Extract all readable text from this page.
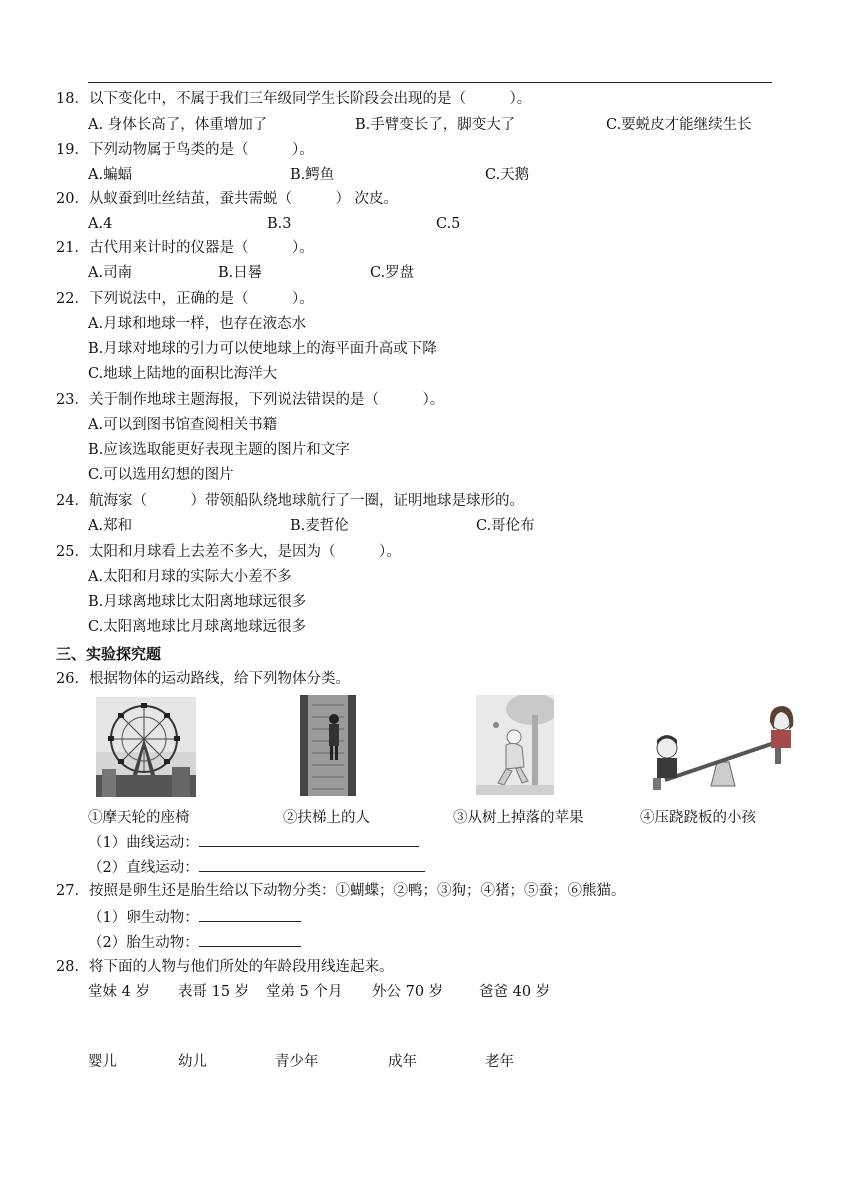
18．以下变化中，不属于我们三年级同学生长阶段会出现的是（　　　）。
A. 身体长高了，体重增加了	B.手臂变长了，脚变大了	C.要蜕皮才能继续生长
19．下列动物属于鸟类的是（　　　）。
A.蝙蝠	B.鳄鱼	C.天鹅
20．从蚁蚕到吐丝结茧，蚕共需蜕（　　　） 次皮。
A.4	B.3	C.5
21．古代用来计时的仪器是（　　　）。
A.司南	B.日晷	C.罗盘
22．下列说法中，正确的是（　　　）。
A.月球和地球一样，也存在液态水
B.月球对地球的引力可以使地球上的海平面升高或下降
C.地球上陆地的面积比海洋大
23．关于制作地球主题海报，下列说法错误的是（　　　）。
A.可以到图书馆查阅相关书籍
B.应该选取能更好表现主题的图片和文字
C.可以选用幻想的图片
24．航海家（　　　）带领船队绕地球航行了一圈，证明地球是球形的。
A.郑和	B.麦哲伦	C.哥伦布
25．太阳和月球看上去差不多大，是因为（　　　）。
A.太阳和月球的实际大小差不多
B.月球离地球比太阳离地球远很多
C.太阳离地球比月球离地球远很多
三、实验探究题
26．根据物体的运动路线，给下列物体分类。
①摩天轮的座椅	②扶梯上的人	③从树上掉落的苹果	④压跷跷板的小孩
（1）曲线运动：
（2）直线运动：
27．按照是卵生还是胎生给以下动物分类：①蝴蝶；②鸭；③狗；④猪；⑤蚕；⑥熊猫。
（1）卵生动物：
（2）胎生动物：
28．将下面的人物与他们所处的年龄段用线连起来。
堂妹 4 岁 表哥 15 岁 堂弟 5 个月 外公 70 岁 爸爸 40 岁
婴儿	幼儿	青少年	成年	老年
